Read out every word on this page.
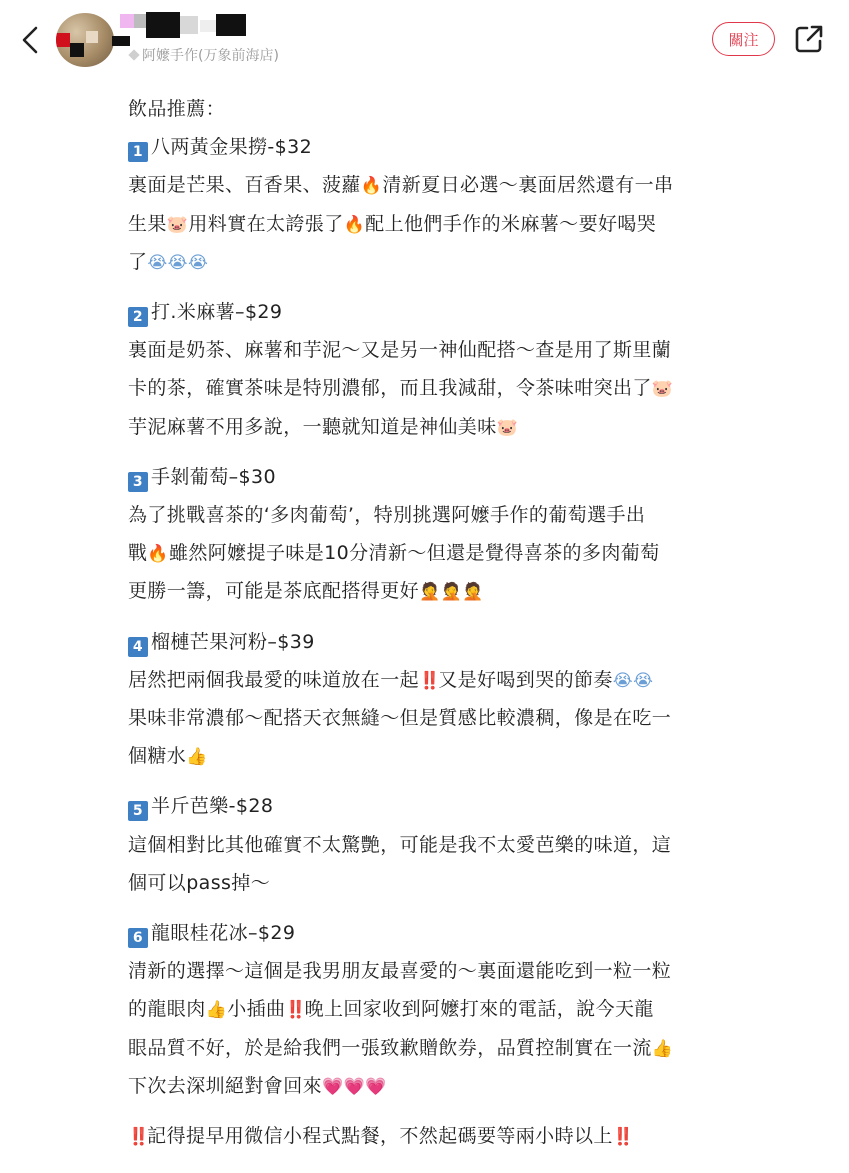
阿嬤手作(万象前海店)
關注

飲品推薦：

1 八两黃金果撈-$32

裏面是芒果、百香果、菠蘿🔥清新夏日必選～裏面居然還有一串

生果🐷用料實在太誇張了🔥配上他們手作的米麻薯～要好喝哭

了😭😭😭

2 打.米麻薯–$29

裏面是奶茶、麻薯和芋泥～又是另一神仙配搭～查是用了斯里蘭

卡的茶，確實茶味是特別濃郁，而且我減甜，令茶味咁突出了🐷

芋泥麻薯不用多說，一聽就知道是神仙美味🐷

3 手剝葡萄–$30

為了挑戰喜茶的‘多肉葡萄’，特別挑選阿嬤手作的葡萄選手出

戰🔥雖然阿嬤提子味是10分清新～但還是覺得喜茶的多肉葡萄

更勝一籌，可能是茶底配搭得更好🤦🤦🤦

4 榴槤芒果河粉–$39

居然把兩個我最愛的味道放在一起‼️又是好喝到哭的節奏😭😭

果味非常濃郁～配搭天衣無縫～但是質感比較濃稠，像是在吃一

個糖水👍

5 半斤芭樂-$28

這個相對比其他確實不太驚艷，可能是我不太愛芭樂的味道，這

個可以pass掉～

6 龍眼桂花冰–$29

清新的選擇～這個是我男朋友最喜愛的～裏面還能吃到一粒一粒

的龍眼肉👍小插曲‼️晚上回家收到阿嬤打來的電話，說今天龍

眼品質不好，於是給我們一張致歉贈飲券，品質控制實在一流👍

下次去深圳絕對會回來💗💗💗

‼️記得提早用微信小程式點餐，不然起碼要等兩小時以上‼️
